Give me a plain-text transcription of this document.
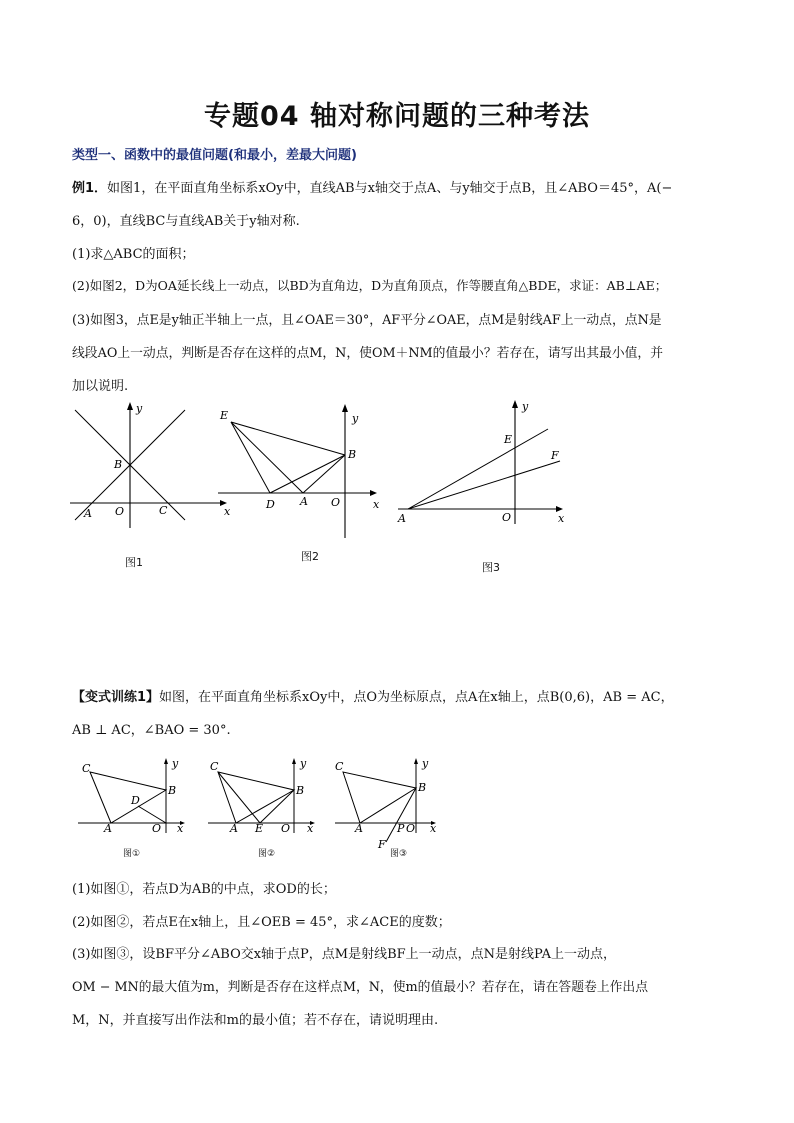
专题04 轴对称问题的三种考法
类型一、函数中的最值问题(和最小，差最大问题)
例1．如图1，在平面直角坐标系xOy中，直线AB与x轴交于点A、与y轴交于点B，且∠ABO＝45°，A(−
6，0)，直线BC与直线AB关于y轴对称.
(1)求△ABC的面积；
(2)如图2，D为OA延长线上一动点，以BD为直角边，D为直角顶点，作等腰直角△BDE，求证：AB⊥AE；
(3)如图3，点E是y轴正半轴上一点，且∠OAE＝30°，AF平分∠OAE，点M是射线AF上一动点，点N是
线段AO上一动点，判断是否存在这样的点M，N，使OM＋NM的值最小？若存在，请写出其最小值，并
加以说明.
y
x
B
A O	C
图1
y
x
E
B
D A O
图2
y
x
E
F
A	O
图3
【变式训练1】如图，在平面直角坐标系xOy中，点O为坐标原点，点A在x轴上，点B(0,6)，AB = AC，
AB ⊥ AC，∠BAO = 30°.
C	y
B
D
A	O x
图①
C	y
B
A E O x
图②
C	y
B
A	P O x
F
图③
(1)如图①，若点D为AB的中点，求OD的长；
(2)如图②，若点E在x轴上，且∠OEB = 45°，求∠ACE的度数；
(3)如图③，设BF平分∠ABO交x轴于点P，点M是射线BF上一动点，点N是射线PA上一动点，
OM − MN的最大值为m，判断是否存在这样点M，N，使m的值最小？若存在，请在答题卷上作出点
M，N，并直接写出作法和m的最小值；若不存在，请说明理由.
